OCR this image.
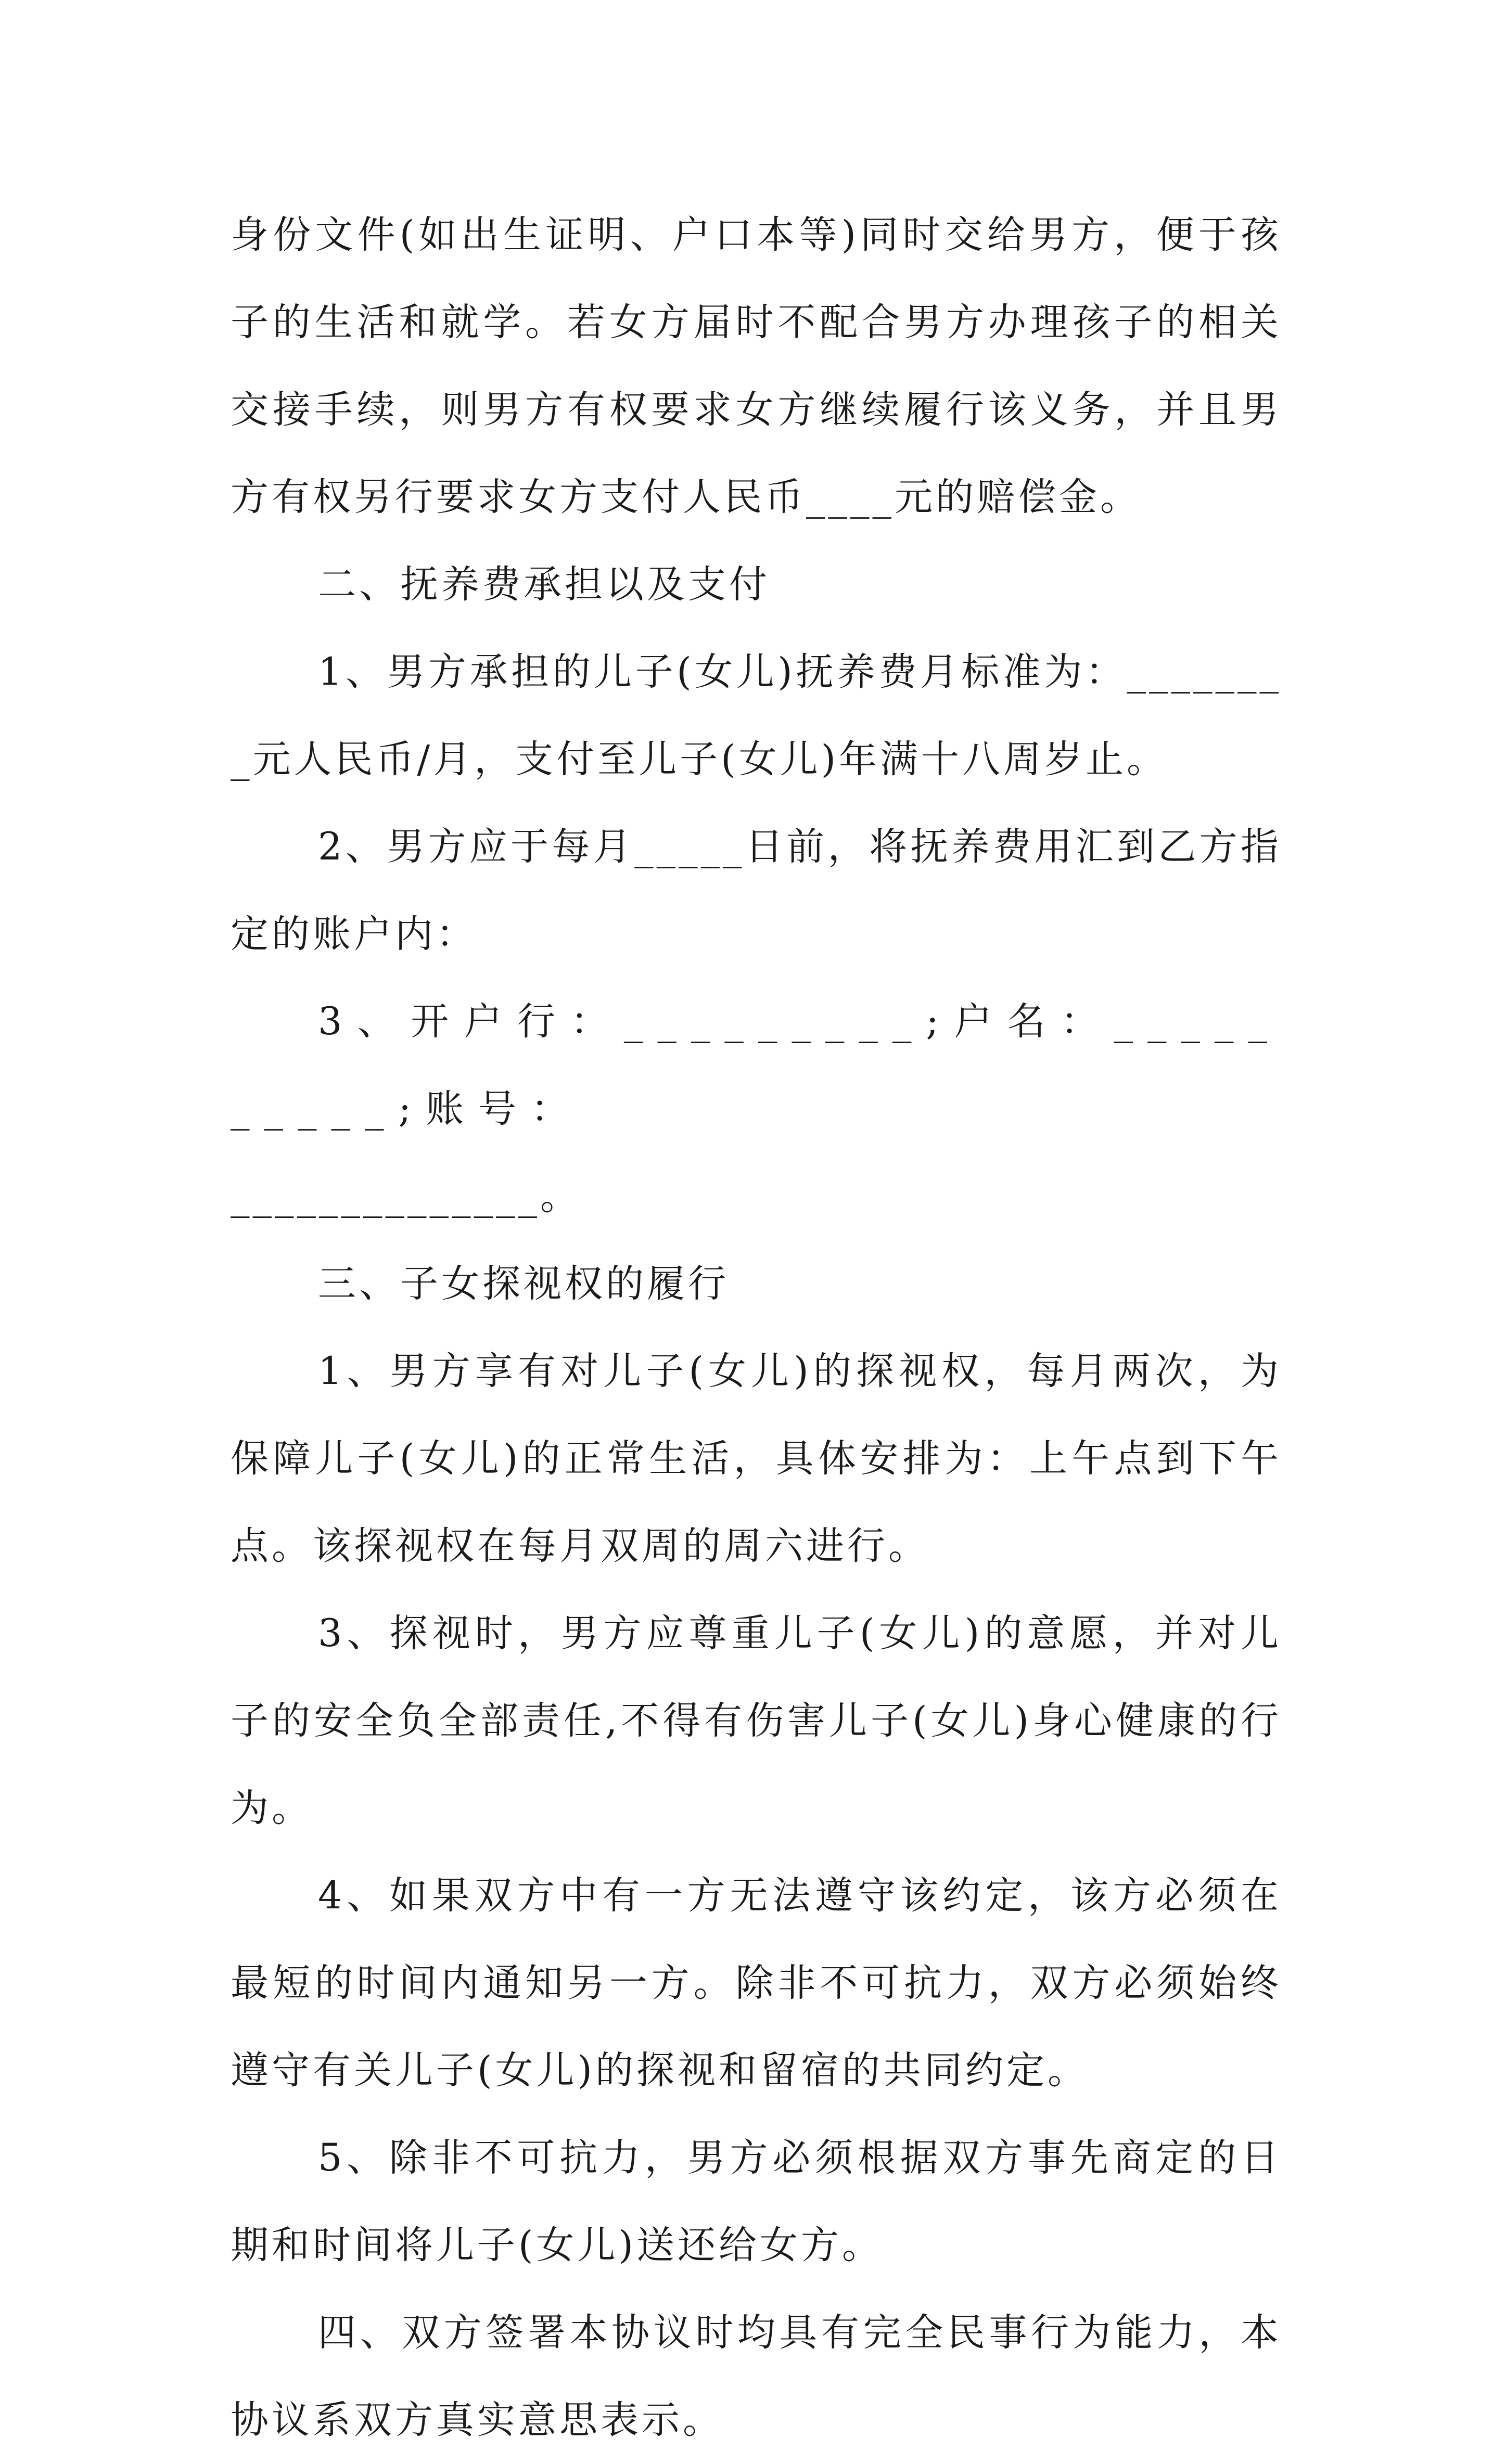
身份文件(如出生证明、户口本等)同时交给男方，便于孩子的生活和就学。若女方届时不配合男方办理孩子的相关交接手续，则男方有权要求女方继续履行该义务，并且男方有权另行要求女方支付人民币____元的赔偿金。

二、抚养费承担以及支付

1、男方承担的儿子(女儿)抚养费月标准为：________元人民币/月，支付至儿子(女儿)年满十八周岁止。

2、男方应于每月_____日前，将抚养费用汇到乙方指定的账户内：

3、开户行：_________;户名：__________;账号：

______________。

三、子女探视权的履行

1、男方享有对儿子(女儿)的探视权，每月两次，为保障儿子(女儿)的正常生活，具体安排为：上午点到下午点。该探视权在每月双周的周六进行。

3、探视时，男方应尊重儿子(女儿)的意愿，并对儿子的安全负全部责任,不得有伤害儿子(女儿)身心健康的行为。

4、如果双方中有一方无法遵守该约定，该方必须在最短的时间内通知另一方。除非不可抗力，双方必须始终遵守有关儿子(女儿)的探视和留宿的共同约定。

5、除非不可抗力，男方必须根据双方事先商定的日期和时间将儿子(女儿)送还给女方。

四、双方签署本协议时均具有完全民事行为能力，本协议系双方真实意思表示。
